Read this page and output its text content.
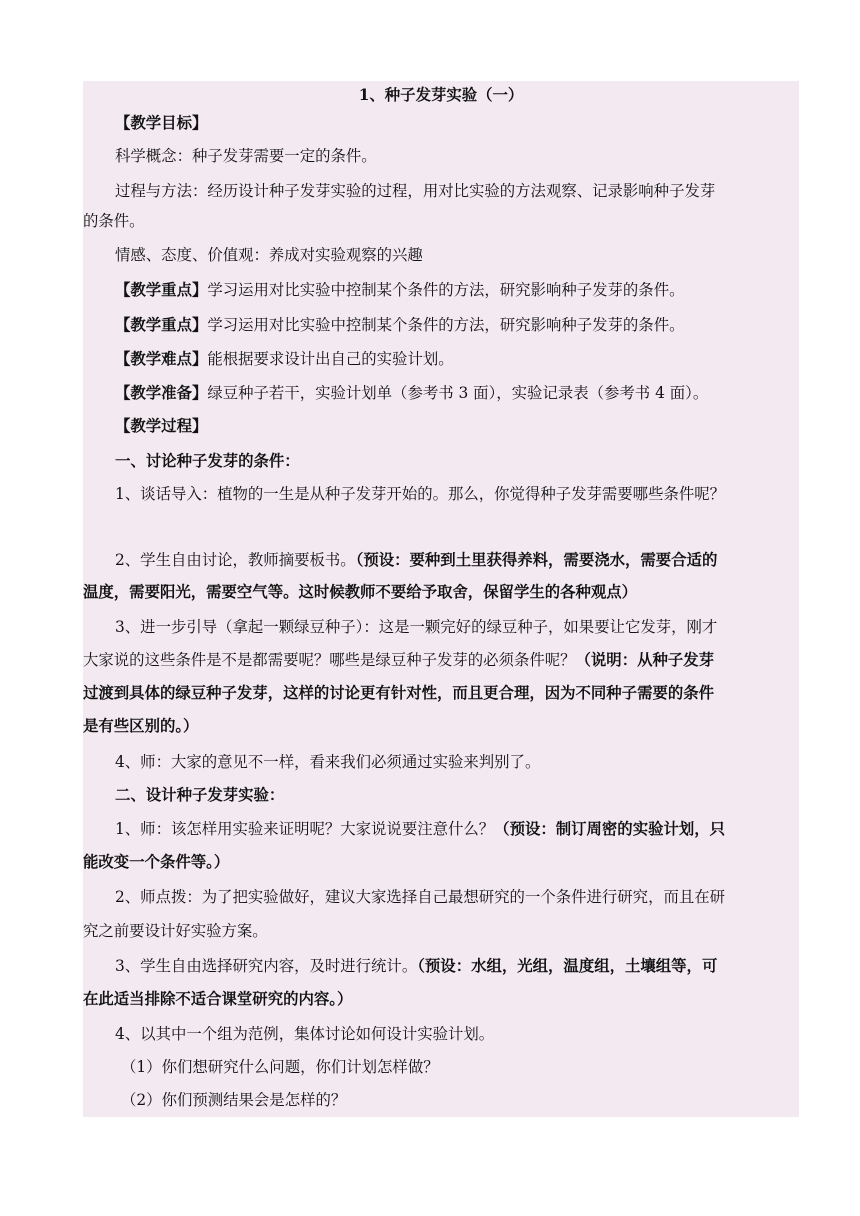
1、种子发芽实验（一）
【教学目标】
科学概念：种子发芽需要一定的条件。
过程与方法：经历设计种子发芽实验的过程，用对比实验的方法观察、记录影响种子发芽
的条件。
情感、态度、价值观：养成对实验观察的兴趣
【教学重点】学习运用对比实验中控制某个条件的方法，研究影响种子发芽的条件。
【教学重点】学习运用对比实验中控制某个条件的方法，研究影响种子发芽的条件。
【教学难点】能根据要求设计出自己的实验计划。
【教学准备】绿豆种子若干，实验计划单（参考书 3 面），实验记录表（参考书 4 面）。
【教学过程】
一、讨论种子发芽的条件：
1、谈话导入：植物的一生是从种子发芽开始的。那么，你觉得种子发芽需要哪些条件呢？
2、学生自由讨论，教师摘要板书。（预设：要种到土里获得养料，需要浇水，需要合适的
温度，需要阳光，需要空气等。这时候教师不要给予取舍，保留学生的各种观点）
3、进一步引导（拿起一颗绿豆种子）：这是一颗完好的绿豆种子，如果要让它发芽，刚才
大家说的这些条件是不是都需要呢？哪些是绿豆种子发芽的必须条件呢？（说明：从种子发芽
过渡到具体的绿豆种子发芽，这样的讨论更有针对性，而且更合理，因为不同种子需要的条件
是有些区别的。）
4、师：大家的意见不一样，看来我们必须通过实验来判别了。
二、设计种子发芽实验：
1、师：该怎样用实验来证明呢？大家说说要注意什么？（预设：制订周密的实验计划，只
能改变一个条件等。）
2、师点拨：为了把实验做好，建议大家选择自己最想研究的一个条件进行研究，而且在研
究之前要设计好实验方案。
3、学生自由选择研究内容，及时进行统计。（预设：水组，光组，温度组，土壤组等，可
在此适当排除不适合课堂研究的内容。）
4、以其中一个组为范例，集体讨论如何设计实验计划。
（1）你们想研究什么问题，你们计划怎样做？
（2）你们预测结果会是怎样的？
